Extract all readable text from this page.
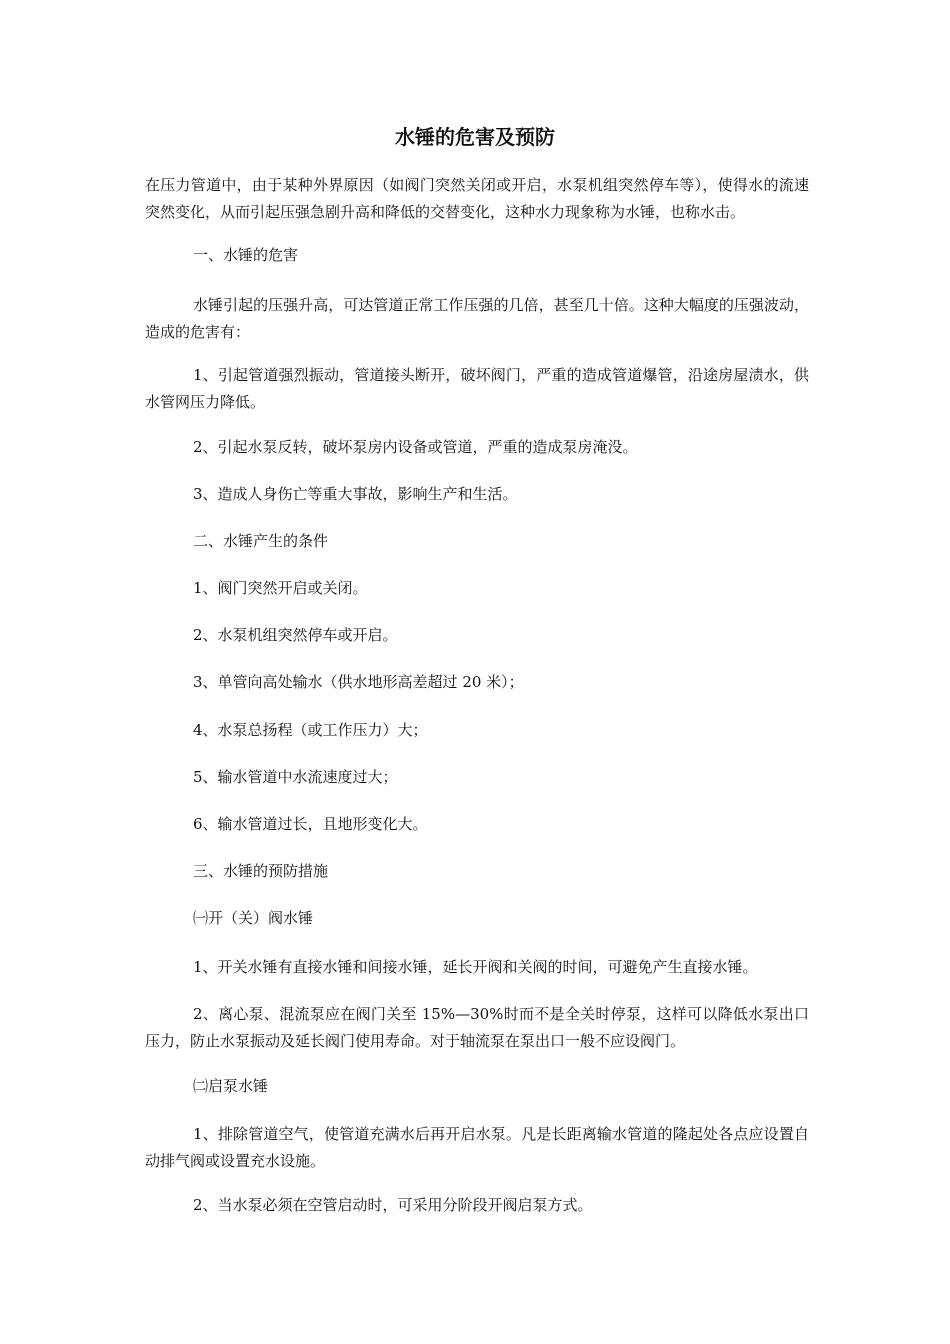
水锤的危害及预防

在压力管道中，由于某种外界原因（如阀门突然关闭或开启，水泵机组突然停车等），使得水的流速突然变化，从而引起压强急剧升高和降低的交替变化，这种水力现象称为水锤，也称水击。

一、水锤的危害

水锤引起的压强升高，可达管道正常工作压强的几倍，甚至几十倍。这种大幅度的压强波动，造成的危害有：

1、引起管道强烈振动，管道接头断开，破坏阀门，严重的造成管道爆管，沿途房屋渍水，供水管网压力降低。

2、引起水泵反转，破坏泵房内设备或管道，严重的造成泵房淹没。

3、造成人身伤亡等重大事故，影响生产和生活。

二、水锤产生的条件

1、阀门突然开启或关闭。

2、水泵机组突然停车或开启。

3、单管向高处输水（供水地形高差超过 20 米）；

4、水泵总扬程（或工作压力）大；

5、输水管道中水流速度过大；

6、输水管道过长，且地形变化大。

三、水锤的预防措施

㈠开（关）阀水锤

1、开关水锤有直接水锤和间接水锤，延长开阀和关阀的时间，可避免产生直接水锤。

2、离心泵、混流泵应在阀门关至 15%—30%时而不是全关时停泵，这样可以降低水泵出口压力，防止水泵振动及延长阀门使用寿命。对于轴流泵在泵出口一般不应设阀门。

㈡启泵水锤

1、排除管道空气，使管道充满水后再开启水泵。凡是长距离输水管道的隆起处各点应设置自动排气阀或设置充水设施。

2、当水泵必须在空管启动时，可采用分阶段开阀启泵方式。
